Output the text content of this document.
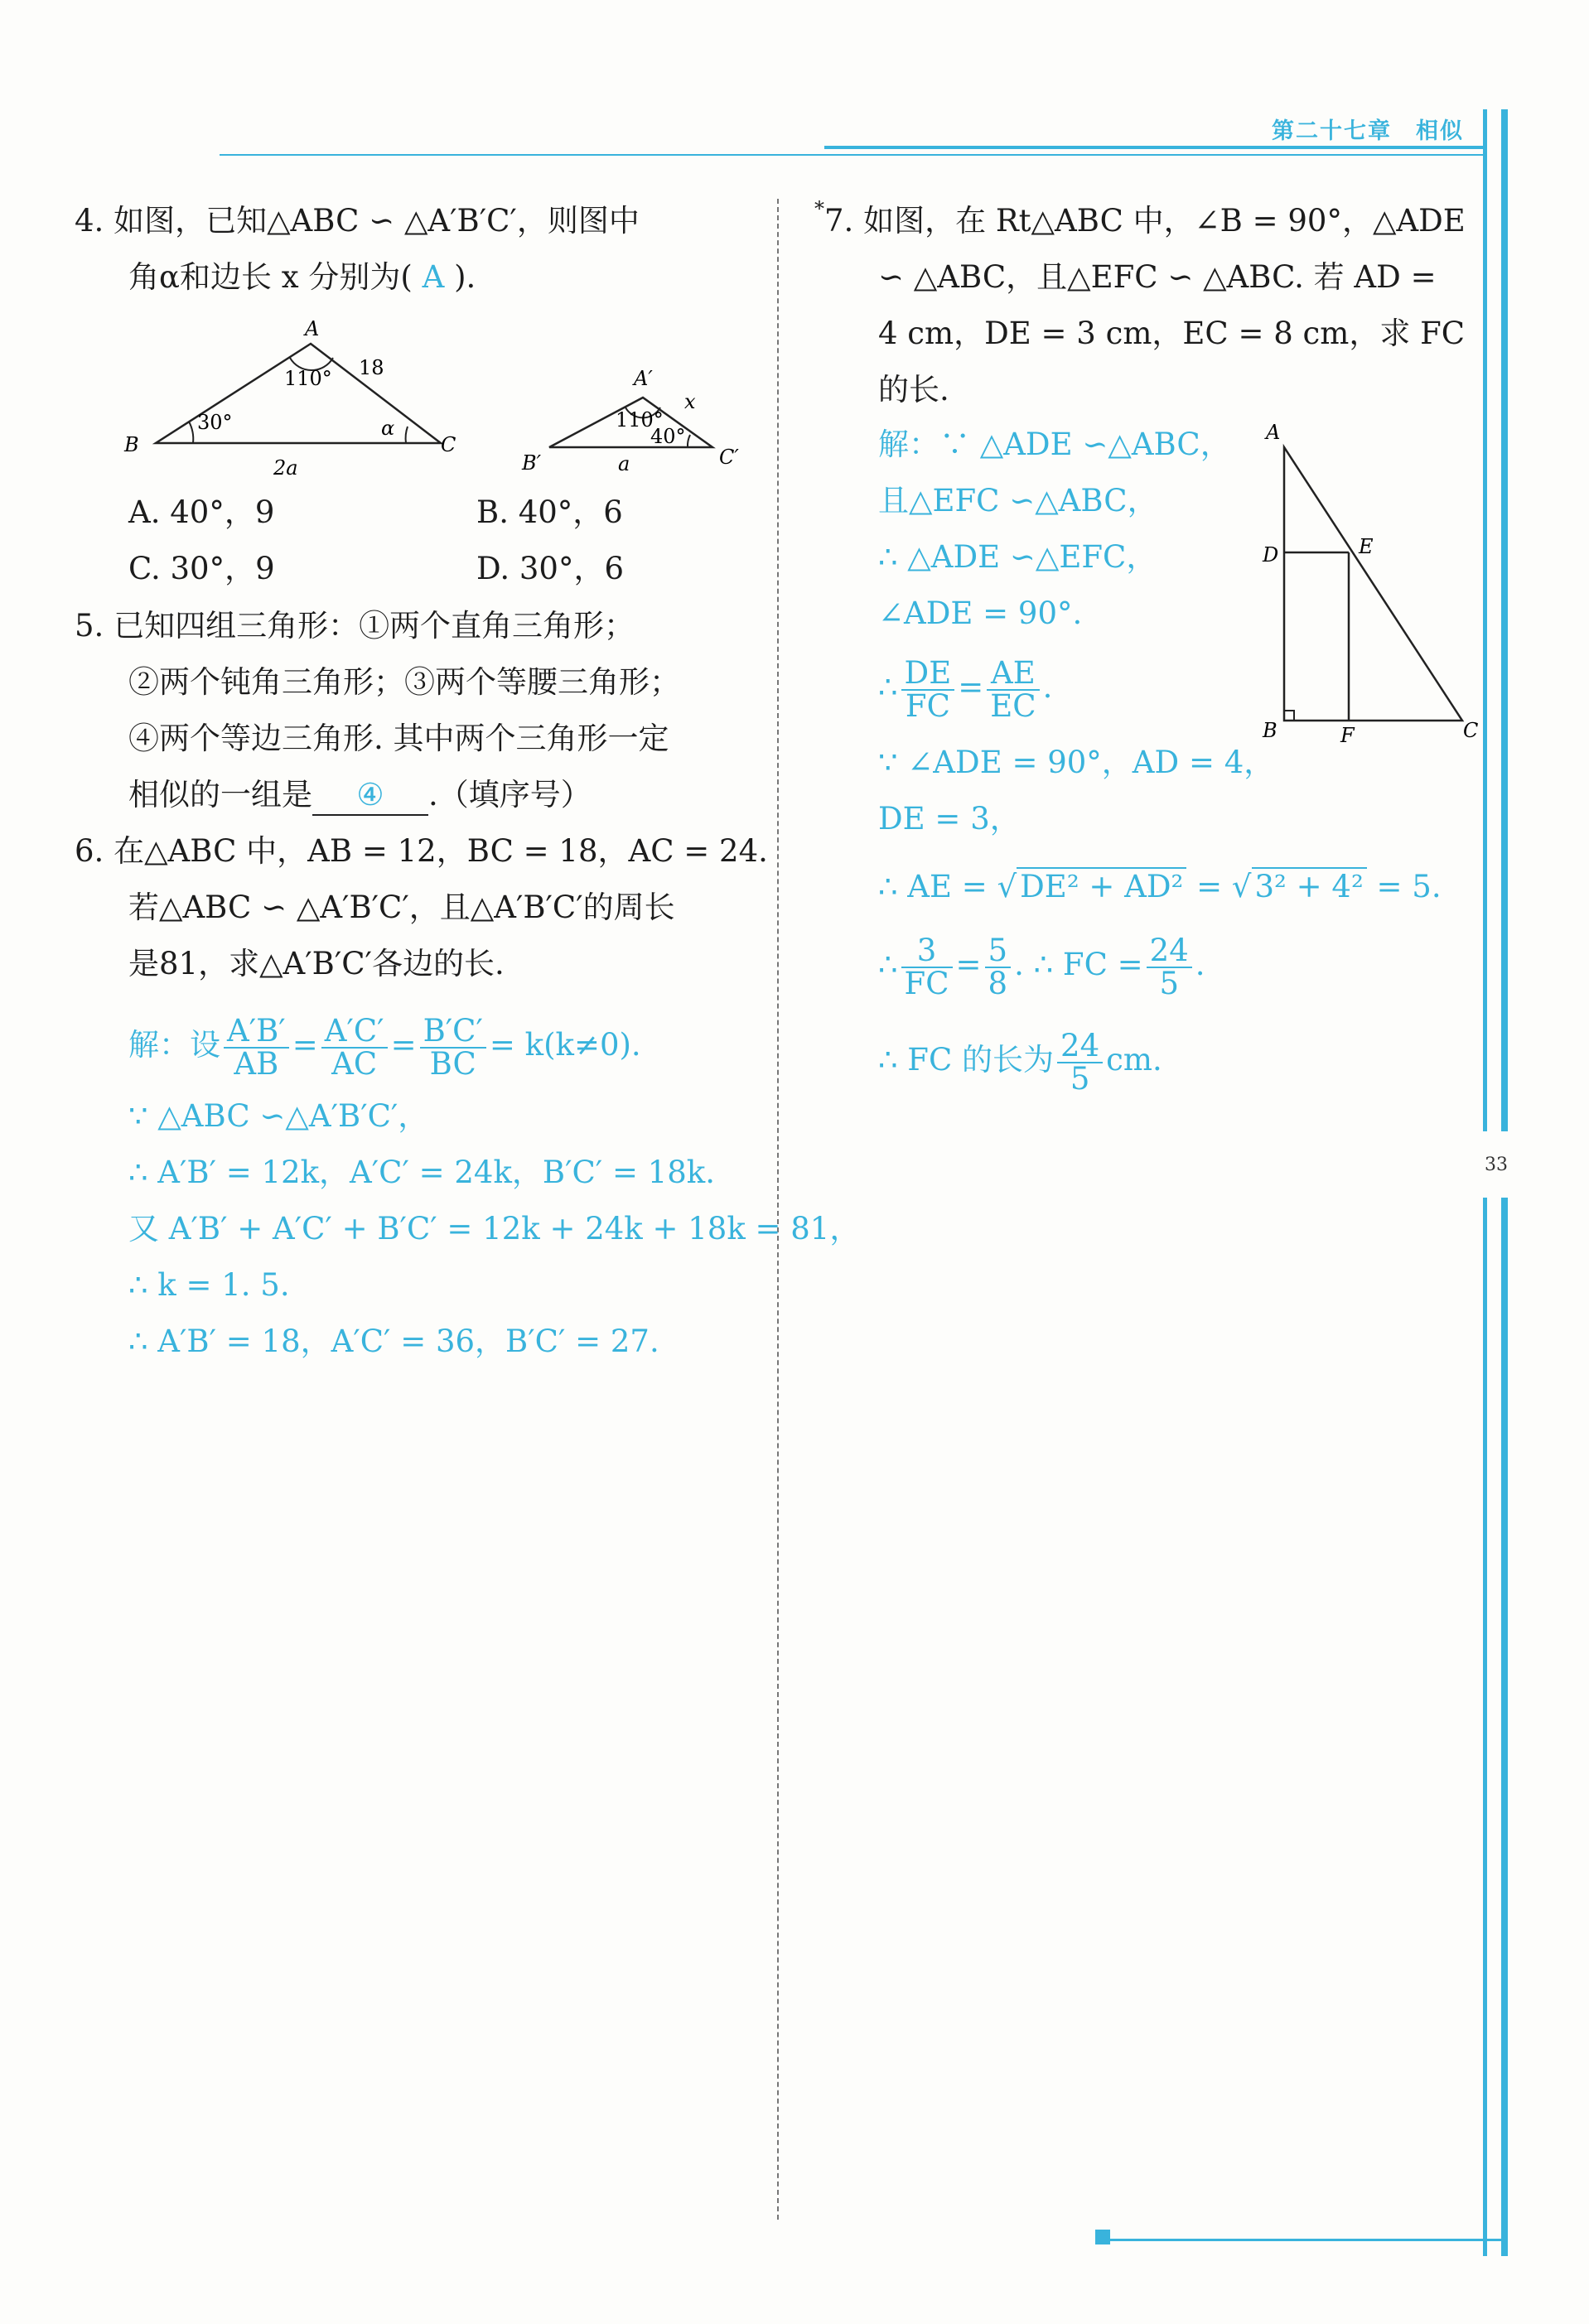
第二十七章　相似
33
4. 如图，已知△ABC ∽ △A′B′C′，则图中
角α和边长 x 分别为( A ).
A
B	C
110°
30°	α
18
2a
A′
B′	C′
110°
40°
x
a
A. 40°，9	B. 40°，6
C. 30°，9	D. 30°，6
5. 已知四组三角形：①两个直角三角形；
②两个钝角三角形；③两个等腰三角形；
④两个等边三角形. 其中两个三角形一定
相似的一组是 ④ .（填序号）
6. 在△ABC 中，AB = 12，BC = 18，AC = 24.
若△ABC ∽ △A′B′C′，且△A′B′C′的周长
是81，求△A′B′C′各边的长.
解：设 $\frac{A'B'}{AB} = \frac{A'C'}{AC} = \frac{B'C'}{BC} = k(k\ne 0)$.
∵ △ABC ∽△A′B′C′，
∴ A′B′ = 12k，A′C′ = 24k，B′C′ = 18k.
又 A′B′ + A′C′ + B′C′ = 12k + 24k + 18k = 81，
∴ k = 1. 5.
∴ A′B′ = 18，A′C′ = 36，B′C′ = 27.
* 7. 如图，在 Rt△ABC 中，∠B = 90°，△ADE
∽ △ABC，且△EFC ∽ △ABC. 若 AD =
4 cm，DE = 3 cm，EC = 8 cm，求 FC
的长.
A
D	E
B	F	C
解：∵ △ADE ∽△ABC，
且△EFC ∽△ABC，
∴ △ADE ∽△EFC，
∠ADE = 90°.
∴ $\frac{DE}{FC} = \frac{AE}{EC}$ .
∵ ∠ADE = 90°，AD = 4，
DE = 3，
∴ AE = √ DE² + AD² = √ 3² + 4² = 5.
∴ $\frac{3}{FC} = \frac{5}{8}$ . ∴ FC = $\frac{24}{5}$ .
∴ FC 的长为 $\frac{24}{5}$ cm.
